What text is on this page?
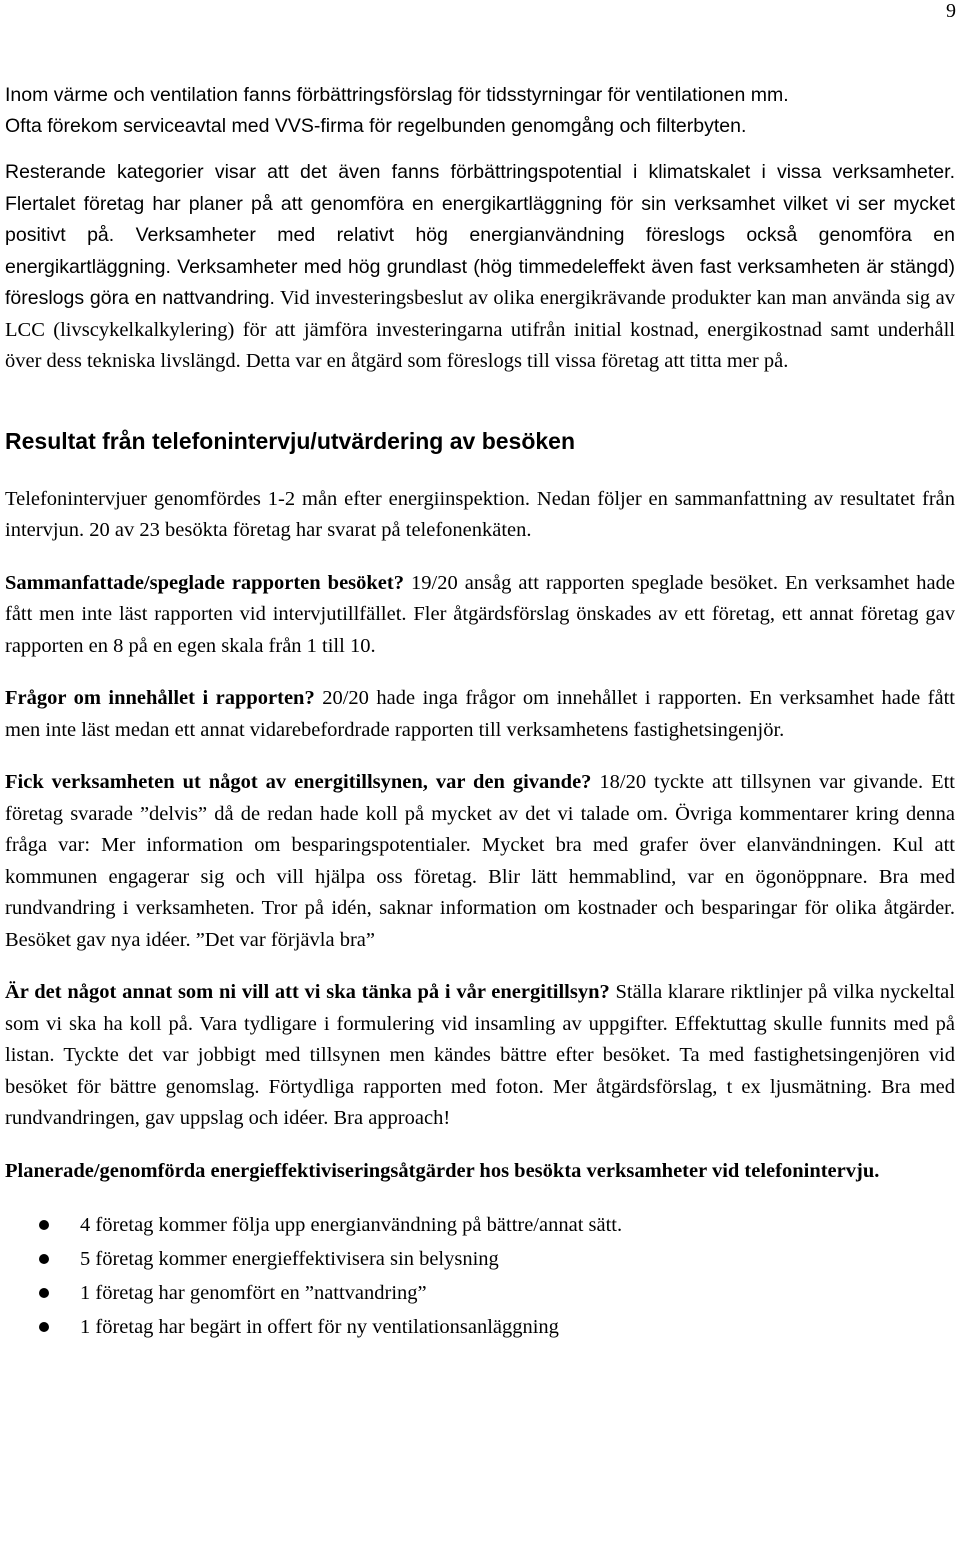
9

Inom värme och ventilation fanns förbättringsförslag för tidsstyrningar för ventilationen mm.
Ofta förekom serviceavtal med VVS-firma för regelbunden genomgång och filterbyten.

Resterande kategorier visar att det även fanns förbättringspotential i klimatskalet i vissa verksamheter. Flertalet företag har planer på att genomföra en energikartläggning för sin verksamhet vilket vi ser mycket positivt på. Verksamheter med relativt hög energianvändning föreslogs också genomföra en energikartläggning. Verksamheter med hög grundlast (hög timmedeleffekt även fast verksamheten är stängd) föreslogs göra en nattvandring. Vid investeringsbeslut av olika energikrävande produkter kan man använda sig av LCC (livscykelkalkylering) för att jämföra investeringarna utifrån initial kostnad, energikostnad samt underhåll över dess tekniska livslängd. Detta var en åtgärd som föreslogs till vissa företag att titta mer på.

Resultat från telefonintervju/utvärdering av besöken

Telefonintervjuer genomfördes 1-2 mån efter energiinspektion. Nedan följer en sammanfattning av resultatet från intervjun. 20 av 23 besökta företag har svarat på telefonenkäten.

Sammanfattade/speglade rapporten besöket? 19/20 ansåg att rapporten speglade besöket. En verksamhet hade fått men inte läst rapporten vid intervjutillfället. Fler åtgärdsförslag önskades av ett företag, ett annat företag gav rapporten en 8 på en egen skala från 1 till 10.

Frågor om innehållet i rapporten? 20/20 hade inga frågor om innehållet i rapporten. En verksamhet hade fått men inte läst medan ett annat vidarebefordrade rapporten till verksamhetens fastighetsingenjör.

Fick verksamheten ut något av energitillsynen, var den givande? 18/20 tyckte att tillsynen var givande. Ett företag svarade ”delvis” då de redan hade koll på mycket av det vi talade om. Övriga kommentarer kring denna fråga var: Mer information om besparingspotentialer. Mycket bra med grafer över elanvändningen. Kul att kommunen engagerar sig och vill hjälpa oss företag. Blir lätt hemmablind, var en ögonöppnare. Bra med rundvandring i verksamheten. Tror på idén, saknar information om kostnader och besparingar för olika åtgärder. Besöket gav nya idéer. ”Det var förjävla bra”

Är det något annat som ni vill att vi ska tänka på i vår energitillsyn? Ställa klarare riktlinjer på vilka nyckeltal som vi ska ha koll på. Vara tydligare i formulering vid insamling av uppgifter. Effektuttag skulle funnits med på listan. Tyckte det var jobbigt med tillsynen men kändes bättre efter besöket. Ta med fastighetsingenjören vid besöket för bättre genomslag. Förtydliga rapporten med foton. Mer åtgärdsförslag, t ex ljusmätning. Bra med rundvandringen, gav uppslag och idéer. Bra approach!

Planerade/genomförda energieffektiviseringsåtgärder hos besökta verksamheter vid telefonintervju.

4 företag kommer följa upp energianvändning på bättre/annat sätt.
5 företag kommer energieffektivisera sin belysning
1 företag har genomfört en ”nattvandring”
1 företag har begärt in offert för ny ventilationsanläggning
